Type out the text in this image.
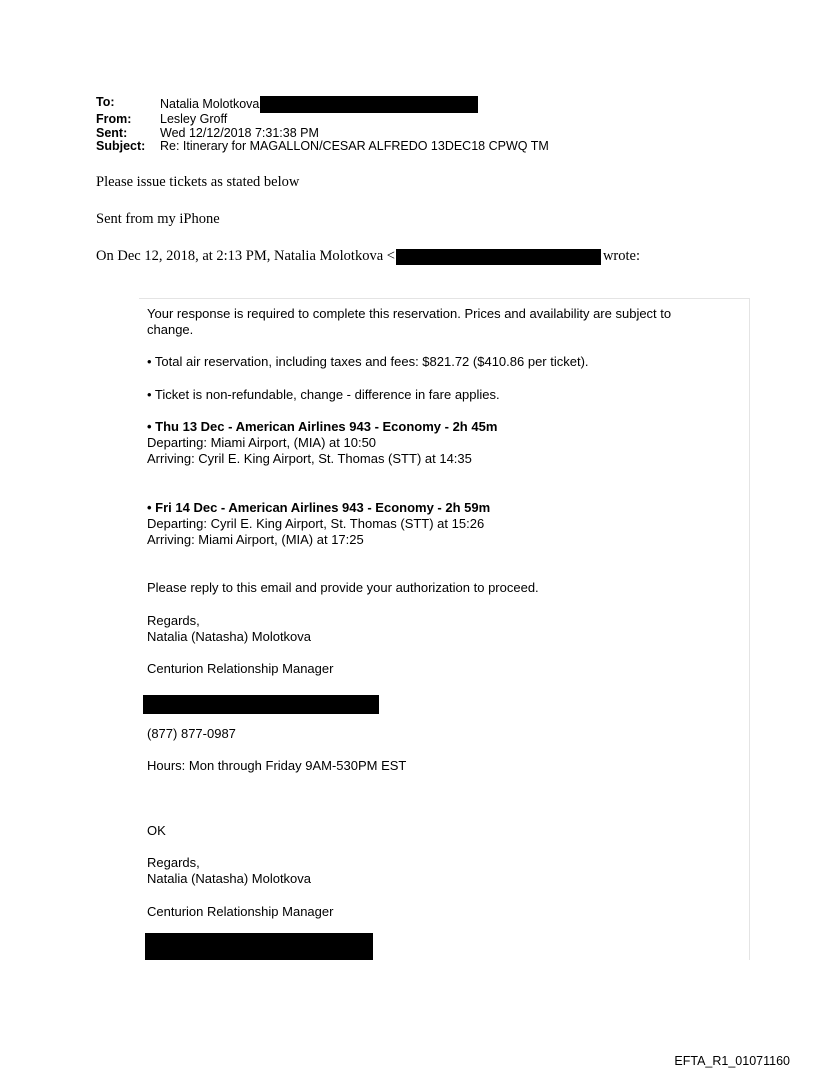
To:	Natalia Molotkova
From:	Lesley Groff
Sent:	Wed 12/12/2018 7:31:38 PM
Subject:	Re: Itinerary for MAGALLON/CESAR ALFREDO 13DEC18 CPWQ TM
Please issue tickets as stated below
Sent from my iPhone
On Dec 12, 2018, at 2:13 PM, Natalia Molotkova <	wrote:
Your response is required to complete this reservation. Prices and availability are subject to
change.
• Total air reservation, including taxes and fees: $821.72 ($410.86 per ticket).
• Ticket is non-refundable, change - difference in fare applies.
• Thu 13 Dec - American Airlines 943 - Economy - 2h 45m
Departing: Miami Airport, (MIA) at 10:50
Arriving: Cyril E. King Airport, St. Thomas (STT) at 14:35
• Fri 14 Dec - American Airlines 943 - Economy - 2h 59m
Departing: Cyril E. King Airport, St. Thomas (STT) at 15:26
Arriving: Miami Airport, (MIA) at 17:25
Please reply to this email and provide your authorization to proceed.
Regards,
Natalia (Natasha) Molotkova
Centurion Relationship Manager
(877) 877-0987
Hours: Mon through Friday 9AM-530PM EST
OK
Regards,
Natalia (Natasha) Molotkova
Centurion Relationship Manager
EFTA_R1_01071160
